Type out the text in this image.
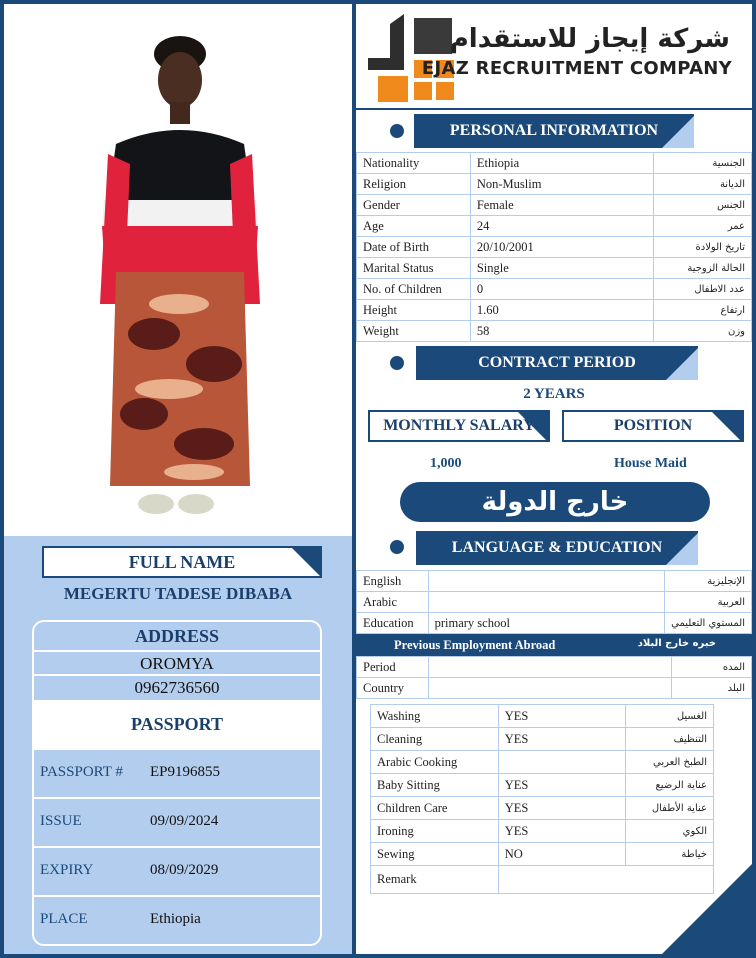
FULL NAME
MEGERTU TADESE DIBABA
ADDRESS
OROMYA
0962736560
PASSPORT
PASSPORT # EP9196855
ISSUE	09/09/2024
EXPIRY	08/09/2029
PLACE	Ethiopia
شركة إيجاز للاستقدام
EJAZ RECRUITMENT COMPANY
PERSONAL INFORMATION
Nationality	Ethiopia	الجنسية
Religion	Non-Muslim	الديانة
Gender	Female	الجنس
Age	24	عمر
Date of Birth	20/10/2001	تاريخ الولادة
Marital Status	Single	الحالة الزوجية
No. of Children	0	عدد الاطفال
Height	1.60	ارتفاع
Weight	58	وزن
CONTRACT PERIOD
2 YEARS
MONTHLY SALARY	POSITION
1,000	House Maid
خارج الدولة
LANGUAGE & EDUCATION
English		الإنجليزية
Arabic		العربية
Education	primary school	المستوي التعليمي
Previous Employment Abroad	خبره خارج البلاد
Period		المده
Country		البلد
Washing	YES	الغسيل
Cleaning	YES	التنظيف
Arabic Cooking		الطبخ العربي
Baby Sitting	YES	عناية الرضيع
Children Care	YES	عناية الأطفال
Ironing	YES	الكوي
Sewing	NO	خياطة
Remark		
